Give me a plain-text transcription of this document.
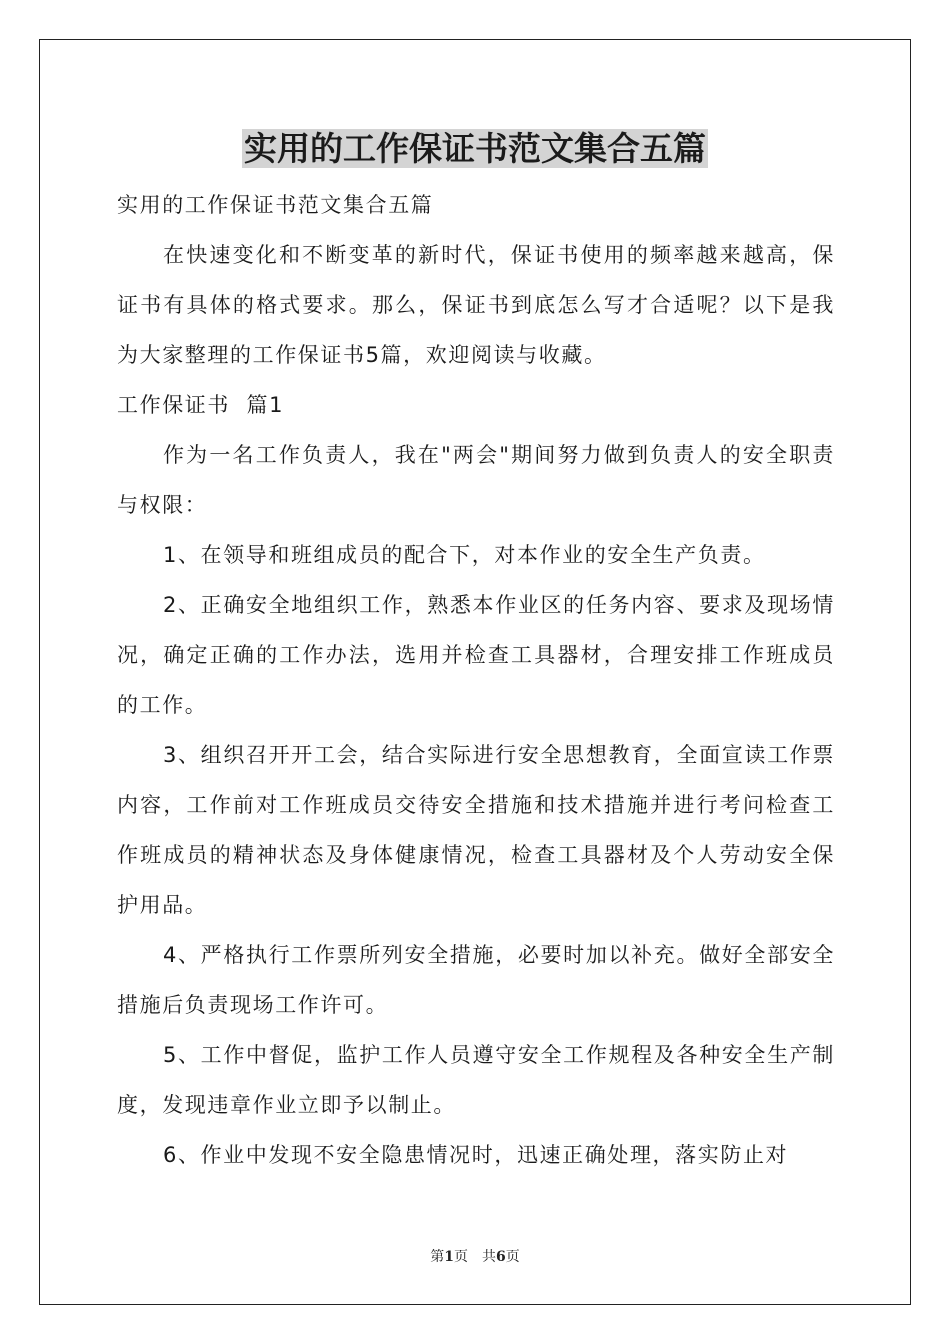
实用的工作保证书范文集合五篇

实用的工作保证书范文集合五篇

在快速变化和不断变革的新时代，保证书使用的频率越来越高，保证书有具体的格式要求。那么，保证书到底怎么写才合适呢？以下是我为大家整理的工作保证书5篇，欢迎阅读与收藏。

工作保证书  篇1

作为一名工作负责人，我在"两会"期间努力做到负责人的安全职责与权限：

1、在领导和班组成员的配合下，对本作业的安全生产负责。

2、正确安全地组织工作，熟悉本作业区的任务内容、要求及现场情况，确定正确的工作办法，选用并检查工具器材，合理安排工作班成员的工作。

3、组织召开开工会，结合实际进行安全思想教育，全面宣读工作票内容，工作前对工作班成员交待安全措施和技术措施并进行考问检查工作班成员的精神状态及身体健康情况，检查工具器材及个人劳动安全保护用品。

4、严格执行工作票所列安全措施，必要时加以补充。做好全部安全措施后负责现场工作许可。

5、工作中督促，监护工作人员遵守安全工作规程及各种安全生产制度，发现违章作业立即予以制止。

6、作业中发现不安全隐患情况时，迅速正确处理，落实防止对

第1页 共6页
